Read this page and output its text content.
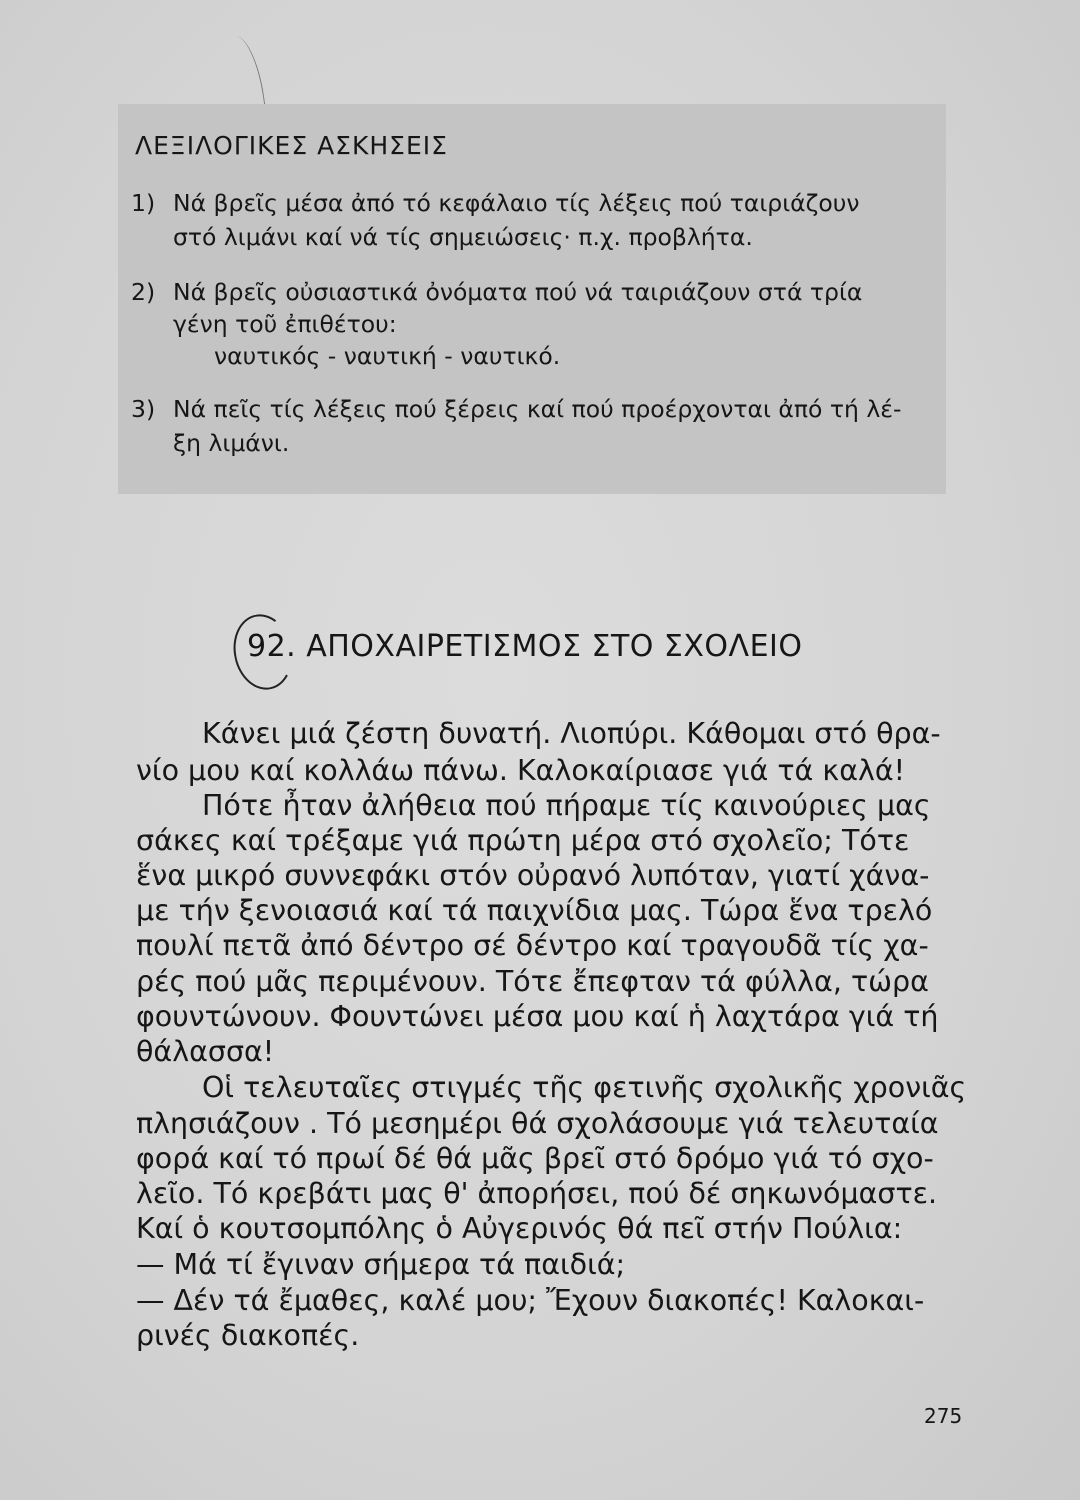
ΛΕΞΙΛΟΓΙΚΕΣ ΑΣΚΗΣΕΙΣ
1) Νά βρεῖς μέσα ἀπό τό κεφάλαιο τίς λέξεις πού ταιριάζουν
στό λιμάνι καί νά τίς σημειώσεις· π.χ. προβλήτα.
2) Νά βρεῖς οὐσιαστικά ὀνόματα πού νά ταιριάζουν στά τρία
γένη τοῦ ἐπιθέτου:
ναυτικός - ναυτική - ναυτικό.
3) Νά πεῖς τίς λέξεις πού ξέρεις καί πού προέρχονται ἀπό τή λέ-
ξη λιμάνι.
92. ΑΠΟΧΑΙΡΕΤΙΣΜΟΣ ΣΤΟ ΣΧΟΛΕΙΟ
Κάνει μιά ζέστη δυνατή. Λιοπύρι. Κάθομαι στό θρα-
νίο μου καί κολλάω πάνω. Καλοκαίριασε γιά τά καλά!
Πότε ἦταν ἀλήθεια πού πήραμε τίς καινούριες μας
σάκες καί τρέξαμε γιά πρώτη μέρα στό σχολεῖο; Τότε
ἕνα μικρό συννεφάκι στόν οὐρανό λυπόταν, γιατί χάνα-
με τήν ξενοιασιά καί τά παιχνίδια μας. Τώρα ἕνα τρελό
πουλί πετᾶ ἀπό δέντρο σέ δέντρο καί τραγουδᾶ τίς χα-
ρές πού μᾶς περιμένουν. Τότε ἔπεφταν τά φύλλα, τώρα
φουντώνουν. Φουντώνει μέσα μου καί ἡ λαχτάρα γιά τή
θάλασσα!
Οἱ τελευταῖες στιγμές τῆς φετινῆς σχολικῆς χρονιᾶς
πλησιάζουν . Τό μεσημέρι θά σχολάσουμε γιά τελευταία
φορά καί τό πρωί δέ θά μᾶς βρεῖ στό δρόμο γιά τό σχο-
λεῖο. Τό κρεβάτι μας θ' ἀπορήσει, πού δέ σηκωνόμαστε.
Καί ὁ κουτσομπόλης ὁ Αὐγερινός θά πεῖ στήν Πούλια:
— Μά τί ἔγιναν σήμερα τά παιδιά;
— Δέν τά ἔμαθες, καλέ μου; Ἔχουν διακοπές! Καλοκαι-
ρινές διακοπές.
275
